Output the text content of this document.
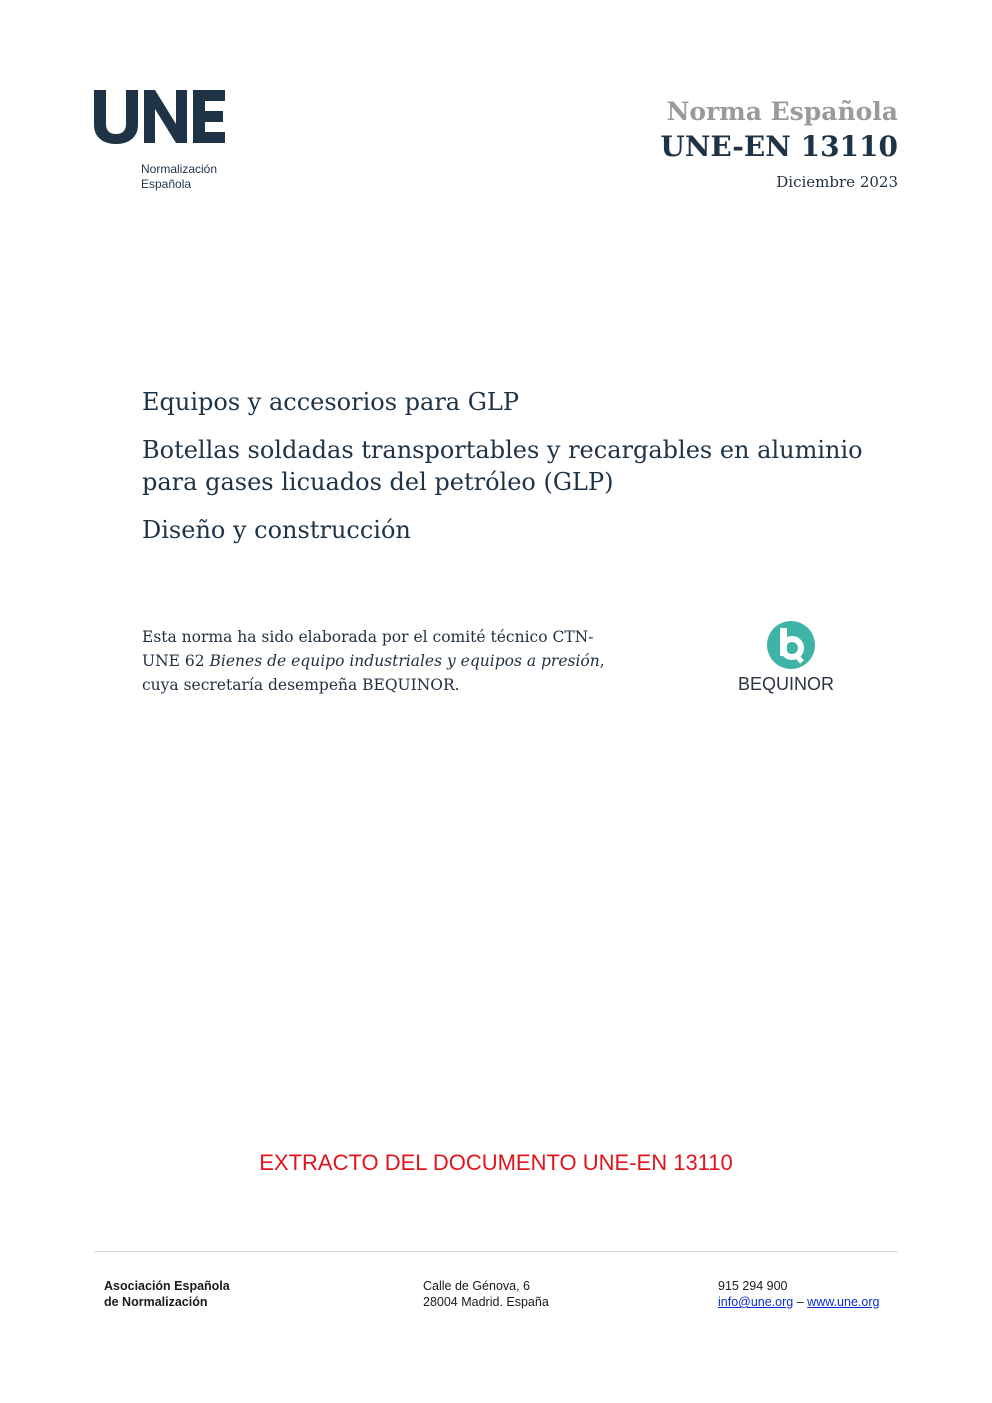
Normalización
Española
Norma Española
UNE-EN 13110
Diciembre 2023

Equipos y accesorios para GLP

Botellas soldadas transportables y recargables en aluminio para gases licuados del petróleo (GLP)

Diseño y construcción

Esta norma ha sido elaborada por el comité técnico CTN-UNE 62 Bienes de equipo industriales y equipos a presión, cuya secretaría desempeña BEQUINOR.	BEQUINOR
EXTRACTO DEL DOCUMENTO UNE-EN 13110
Asociación Española
de Normalización
Calle de Génova, 6
28004 Madrid. España
915 294 900
info@une.org – www.une.org
